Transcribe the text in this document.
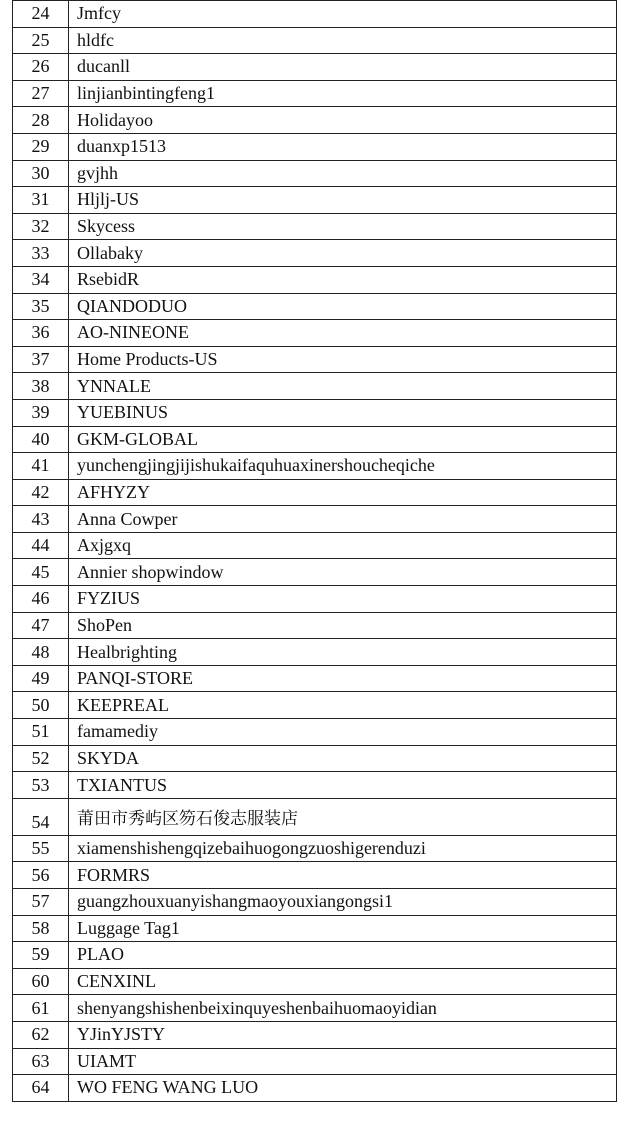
24	Jmfcy
25	hldfc
26	ducanll
27	linjianbintingfeng1
28	Holidayoo
29	duanxp1513
30	gvjhh
31	Hljlj-US
32	Skycess
33	Ollabaky
34	RsebidR
35	QIANDODUO
36	AO-NINEONE
37	Home Products-US
38	YNNALE
39	YUEBINUS
40	GKM-GLOBAL
41	yunchengjingjijishukaifaquhuaxinershoucheqiche
42	AFHYZY
43	Anna Cowper
44	Axjgxq
45	Annier shopwindow
46	FYZIUS
47	ShoPen
48	Healbrighting
49	PANQI-STORE
50	KEEPREAL
51	famamediy
52	SKYDA
53	TXIANTUS
54	莆田市秀屿区笏石俊志服装店
55	xiamenshishengqizebaihuogongzuoshigerenduzi
56	FORMRS
57	guangzhouxuanyishangmaoyouxiangongsi1
58	Luggage Tag1
59	PLAO
60	CENXINL
61	shenyangshishenbeixinquyeshenbaihuomaoyidian
62	YJinYJSTY
63	UIAMT
64	WO FENG WANG LUO
